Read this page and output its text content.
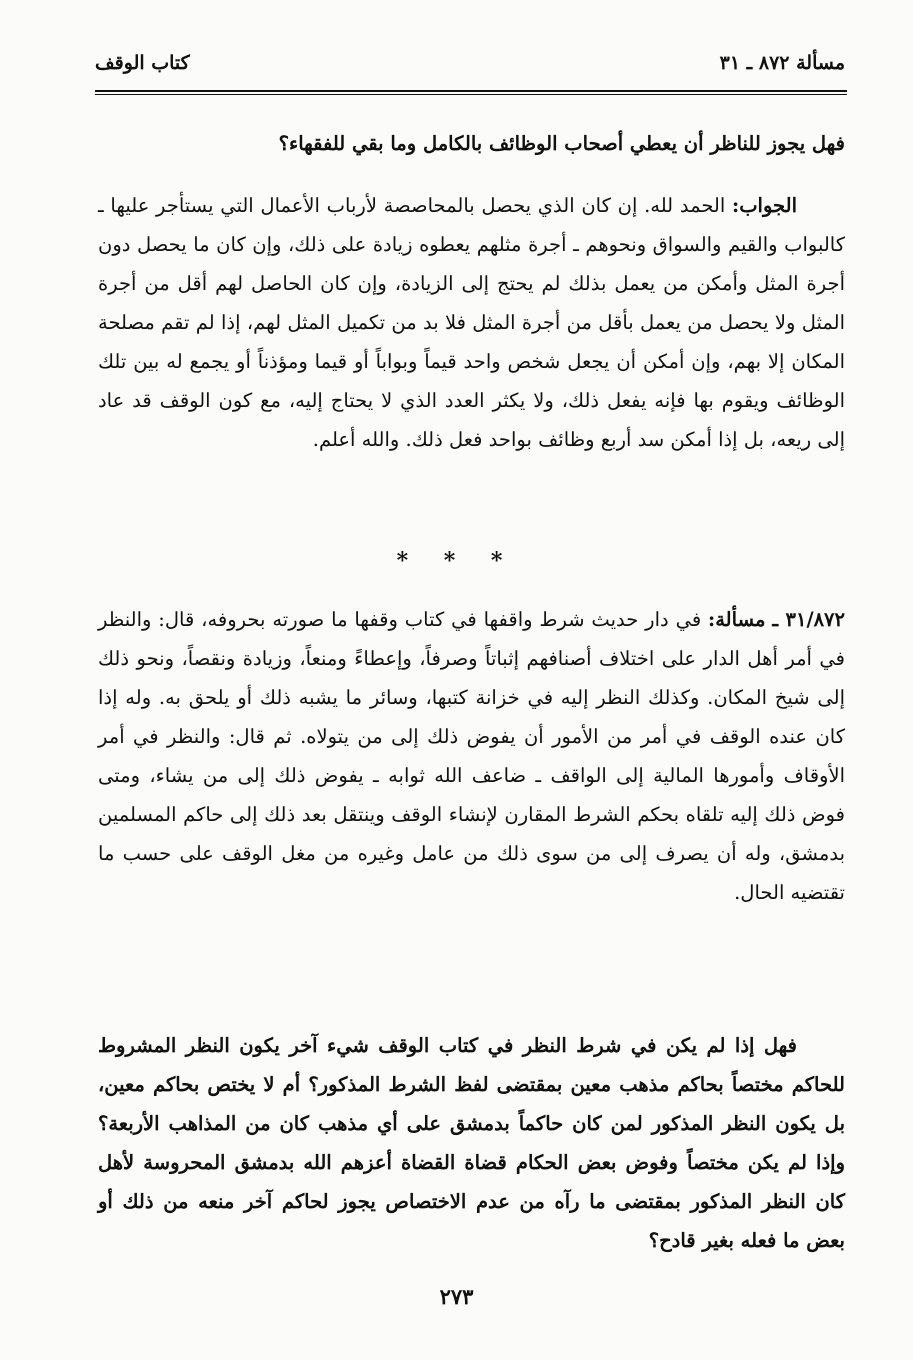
مسألة ٨٧٢ ـ ٣١
كتاب الوقف
فهل يجوز للناظر أن يعطي أصحاب الوظائف بالكامل وما بقي للفقهاء؟
الجواب: الحمد لله. إن كان الذي يحصل بالمحاصصة لأرباب الأعمال التي يستأجر عليها ـ كالبواب والقيم والسواق ونحوهم ـ أجرة مثلهم يعطوه زيادة على ذلك، وإن كان ما يحصل دون أجرة المثل وأمكن من يعمل بذلك لم يحتج إلى الزيادة، وإن كان الحاصل لهم أقل من أجرة المثل ولا يحصل من يعمل بأقل من أجرة المثل فلا بد من تكميل المثل لهم، إذا لم تقم مصلحة المكان إلا بهم، وإن أمكن أن يجعل شخص واحد قيماً وبواباً أو قيما ومؤذناً أو يجمع له بين تلك الوظائف ويقوم بها فإنه يفعل ذلك، ولا يكثر العدد الذي لا يحتاج إليه، مع كون الوقف قد عاد إلى ريعه، بل إذا أمكن سد أربع وظائف بواحد فعل ذلك. والله أعلم.
* * *
٣١/٨٧٢ ـ مسألة: في دار حديث شرط واقفها في كتاب وقفها ما صورته بحروفه، قال: والنظر في أمر أهل الدار على اختلاف أصنافهم إثباتاً وصرفاً، وإعطاءً ومنعاً، وزيادة ونقصاً، ونحو ذلك إلى شيخ المكان. وكذلك النظر إليه في خزانة كتبها، وسائر ما يشبه ذلك أو يلحق به. وله إذا كان عنده الوقف في أمر من الأمور أن يفوض ذلك إلى من يتولاه. ثم قال: والنظر في أمر الأوقاف وأمورها المالية إلى الواقف ـ ضاعف الله ثوابه ـ يفوض ذلك إلى من يشاء، ومتى فوض ذلك إليه تلقاه بحكم الشرط المقارن لإنشاء الوقف وينتقل بعد ذلك إلى حاكم المسلمين بدمشق، وله أن يصرف إلى من سوى ذلك من عامل وغيره من مغل الوقف على حسب ما تقتضيه الحال.
فهل إذا لم يكن في شرط النظر في كتاب الوقف شيء آخر يكون النظر المشروط للحاكم مختصاً بحاكم مذهب معين بمقتضى لفظ الشرط المذكور؟ أم لا يختص بحاكم معين، بل يكون النظر المذكور لمن كان حاكماً بدمشق على أي مذهب كان من المذاهب الأربعة؟ وإذا لم يكن مختصاً وفوض بعض الحكام قضاة القضاة أعزهم الله بدمشق المحروسة لأهل كان النظر المذكور بمقتضى ما رآه من عدم الاختصاص يجوز لحاكم آخر منعه من ذلك أو بعض ما فعله بغير قادح؟
٢٧٣
